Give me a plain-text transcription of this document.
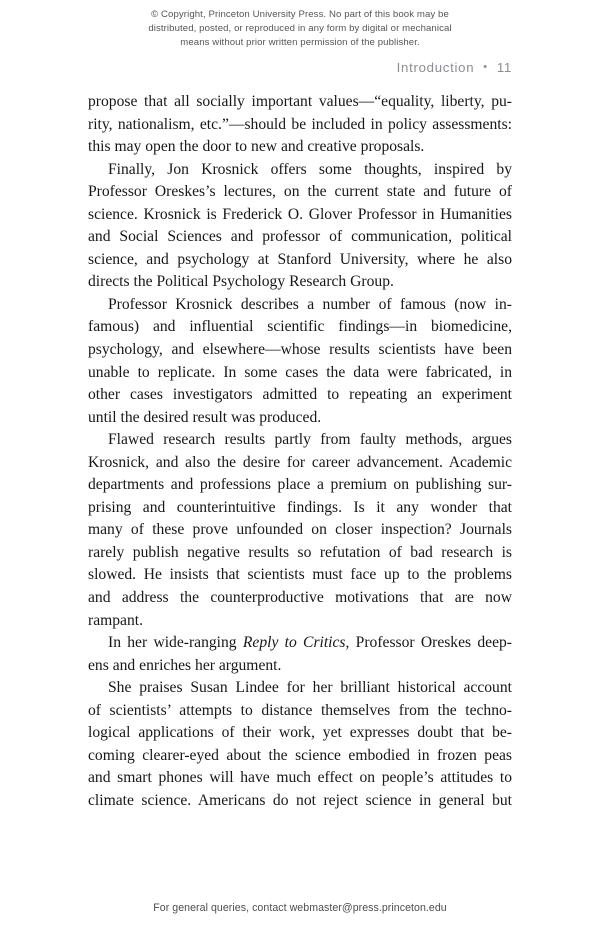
© Copyright, Princeton University Press. No part of this book may be
distributed, posted, or reproduced in any form by digital or mechanical
means without prior written permission of the publisher.
Introduction • 11

propose that all socially important values—“equality, liberty, pu-
rity, nationalism, etc.”—should be included in policy assessments:
this may open the door to new and creative proposals.

Finally, Jon Krosnick offers some thoughts, inspired by
Professor Oreskes’s lectures, on the current state and future of
science. Krosnick is Frederick O. Glover Professor in Humanities
and Social Sciences and professor of communication, political
science, and psychology at Stanford University, where he also
directs the Political Psychology Research Group.

Professor Krosnick describes a number of famous (now in-
famous) and influential scientific findings—in biomedicine,
psychology, and elsewhere—whose results scientists have been
unable to replicate. In some cases the data were fabricated, in
other cases investigators admitted to repeating an experiment
until the desired result was produced.

Flawed research results partly from faulty methods, argues
Krosnick, and also the desire for career advancement. Academic
departments and professions place a premium on publishing sur-
prising and counterintuitive findings. Is it any wonder that
many of these prove unfounded on closer inspection? Journals
rarely publish negative results so refutation of bad research is
slowed. He insists that scientists must face up to the problems
and address the counterproductive motivations that are now
rampant.

In her wide-ranging Reply to Critics, Professor Oreskes deep-
ens and enriches her argument.

She praises Susan Lindee for her brilliant historical account
of scientists’ attempts to distance themselves from the techno-
logical applications of their work, yet expresses doubt that be-
coming clearer-eyed about the science embodied in frozen peas
and smart phones will have much effect on people’s attitudes to
climate science. Americans do not reject science in general but

For general queries, contact webmaster@press.princeton.edu
